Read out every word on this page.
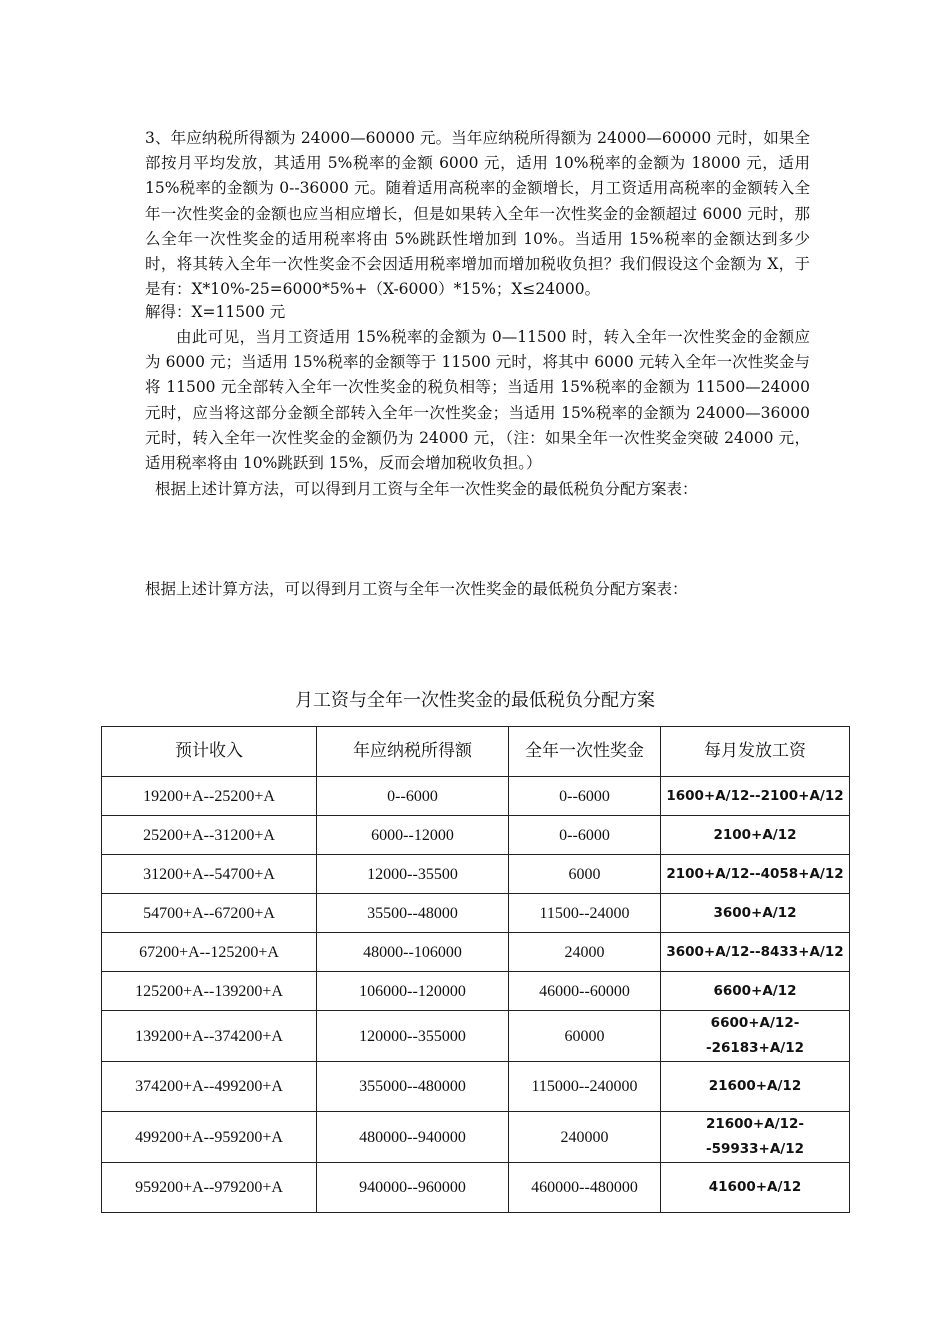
3、年应纳税所得额为 24000—60000 元。当年应纳税所得额为 24000—60000 元时，如果全部按月平均发放，其适用 5%税率的金额 6000 元，适用 10%税率的金额为 18000 元，适用 15%税率的金额为 0--36000 元。随着适用高税率的金额增长，月工资适用高税率的金额转入全年一次性奖金的金额也应当相应增长，但是如果转入全年一次性奖金的金额超过 6000 元时，那么全年一次性奖金的适用税率将由 5%跳跃性增加到 10%。当适用 15%税率的金额达到多少时，将其转入全年一次性奖金不会因适用税率增加而增加税收负担？我们假设这个金额为 X，于是有：X*10%-25=6000*5%+（X-6000）*15%；X≤24000。

解得：X=11500 元

由此可见，当月工资适用 15%税率的金额为 0—11500 时，转入全年一次性奖金的金额应为 6000 元；当适用 15%税率的金额等于 11500 元时，将其中 6000 元转入全年一次性奖金与将 11500 元全部转入全年一次性奖金的税负相等；当适用 15%税率的金额为 11500—24000 元时，应当将这部分金额全部转入全年一次性奖金；当适用 15%税率的金额为 24000—36000 元时，转入全年一次性奖金的金额仍为 24000 元，（注：如果全年一次性奖金突破 24000 元，适用税率将由 10%跳跃到 15%，反而会增加税收负担。）

根据上述计算方法，可以得到月工资与全年一次性奖金的最低税负分配方案表：

根据上述计算方法，可以得到月工资与全年一次性奖金的最低税负分配方案表：

月工资与全年一次性奖金的最低税负分配方案

预计收入	年应纳税所得额	全年一次性奖金	每月发放工资
19200+A--25200+A	0--6000	0--6000	1600+A/12--2100+A/12
25200+A--31200+A	6000--12000	0--6000	2100+A/12
31200+A--54700+A	12000--35500	6000	2100+A/12--4058+A/12
54700+A--67200+A	35500--48000	11500--24000	3600+A/12
67200+A--125200+A	48000--106000	24000	3600+A/12--8433+A/12
125200+A--139200+A	106000--120000	46000--60000	6600+A/12
139200+A--374200+A	120000--355000	60000	6600+A/12--26183+A/12
374200+A--499200+A	355000--480000	115000--240000	21600+A/12
499200+A--959200+A	480000--940000	240000	21600+A/12--59933+A/12
959200+A--979200+A	940000--960000	460000--480000	41600+A/12
